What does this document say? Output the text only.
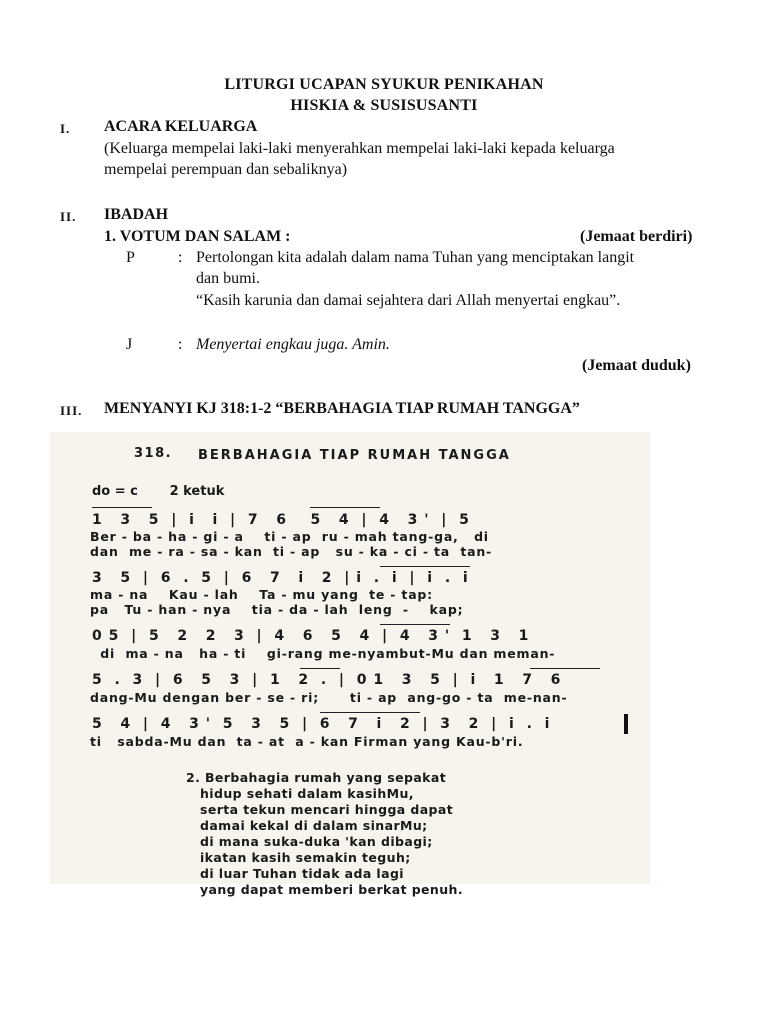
LITURGI UCAPAN SYUKUR PENIKAHAN
HISKIA & SUSISUSANTI
I. ACARA KELUARGA
(Keluarga mempelai laki-laki menyerahkan mempelai laki-laki kepada keluarga
mempelai perempuan dan sebaliknya)
II. IBADAH
1. VOTUM DAN SALAM :	(Jemaat berdiri)
P	: Pertolongan kita adalah dalam nama Tuhan yang menciptakan langit
dan bumi.
“Kasih karunia dan damai sejahtera dari Allah menyertai engkau”.
J	: Menyertai engkau juga. Amin.
(Jemaat duduk)
III. MENYANYI KJ 318:1-2 “BERBAHAGIA TIAP RUMAH TANGGA”
318. BERBAHAGIA TIAP RUMAH TANGGA
do = c       2 ketuk
1   3   5  |  i   i  |  7   6    5   4  |  4   3 '  |  5
Ber - ba - ha - gi - a    ti - ap  ru - mah tang-ga,   di
dan  me - ra - sa - kan  ti - ap   su - ka - ci - ta  tan-
3   5  |  6  .  5  |  6   7   i   2  | i  .  i  |  i  .  i
ma - na    Kau - lah    Ta - mu yang  te - tap:
pa   Tu - han - nya    tia - da - lah  leng  -    kap;
0 5  |  5   2   2   3  |  4   6   5   4  |  4   3 '  1   3   1
di  ma - na   ha - ti    gi-rang me-nyambut-Mu dan meman-
5  .  3  |  6   5   3  |  1   2  .  |  0 1   3   5  |  i   1   7   6
dang-Mu dengan ber - se - ri;      ti - ap  ang-go - ta  me-nan-
5   4  |  4   3 '  5   3   5  |  6   7   i   2  |  3   2  |  i  .  i
ti   sabda-Mu dan  ta - at  a - kan Firman yang Kau-b'ri.
2. Berbahagia rumah yang sepakat
hidup sehati dalam kasihMu,
serta tekun mencari hingga dapat
damai kekal di dalam sinarMu;
di mana suka-duka 'kan dibagi;
ikatan kasih semakin teguh;
di luar Tuhan tidak ada lagi
yang dapat memberi berkat penuh.
